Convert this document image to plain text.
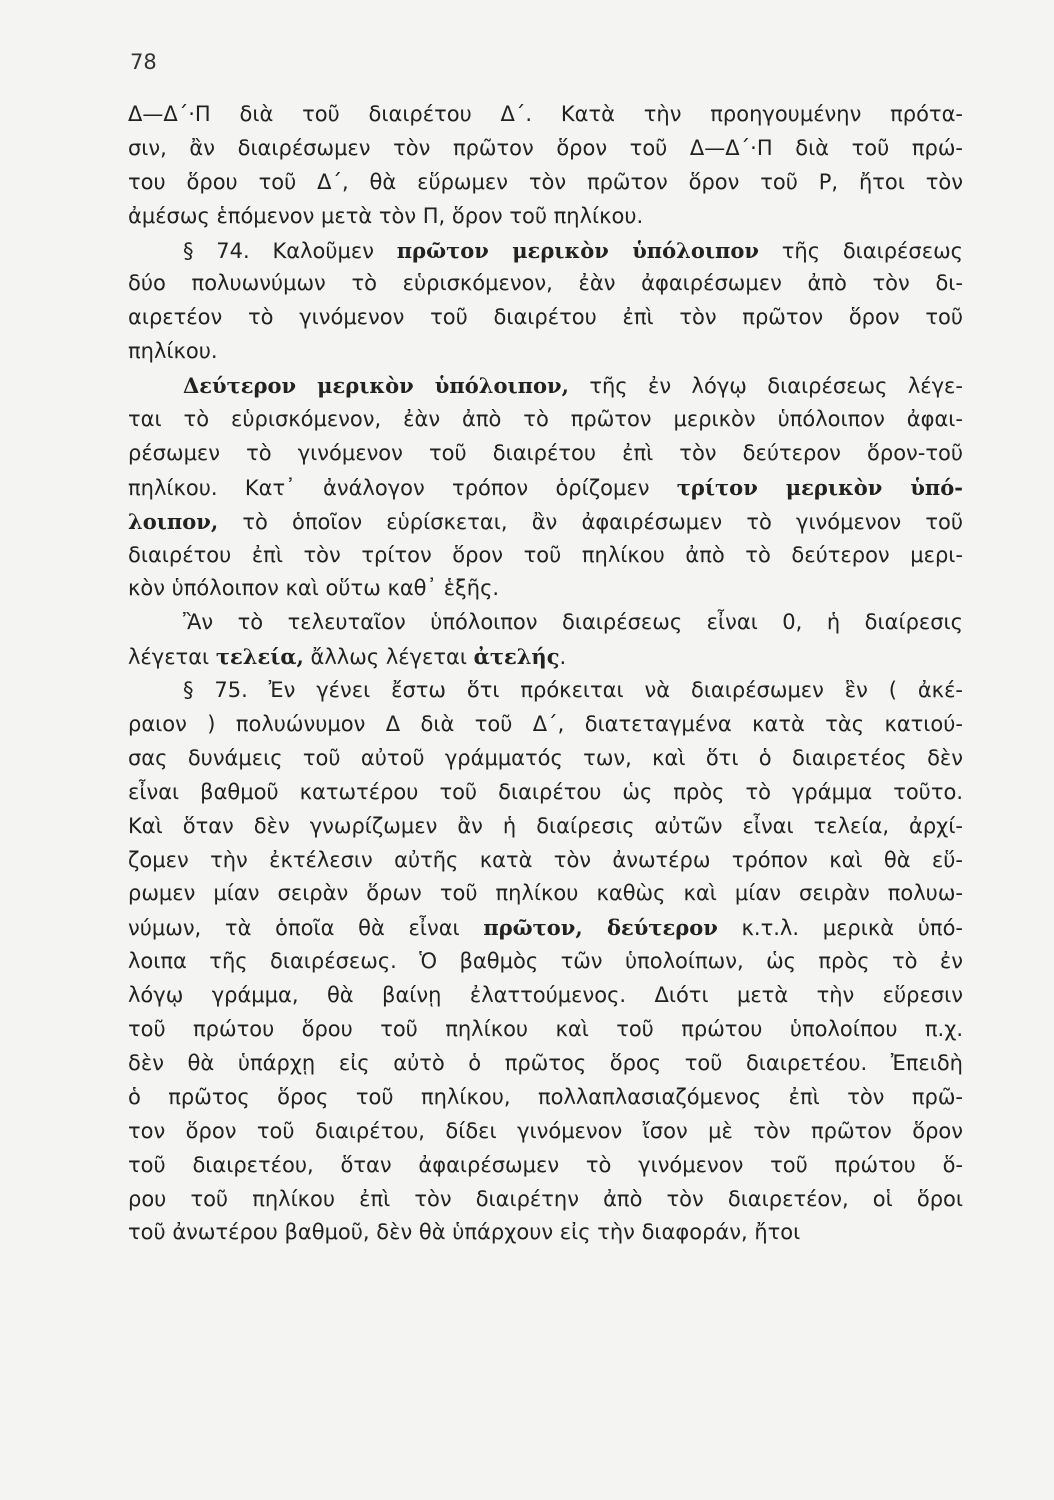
78
Δ—Δ΄·Π διὰ τοῦ διαιρέτου Δ΄. Κατὰ τὴν προηγουμένην πρότα-
σιν, ἂν διαιρέσωμεν τὸν πρῶτον ὅρον τοῦ Δ—Δ΄·Π διὰ τοῦ πρώ-
του ὅρου τοῦ Δ΄, θὰ εὕρωμεν τὸν πρῶτον ὅρον τοῦ Ρ, ἤτοι τὸν
ἀμέσως ἑπόμενον μετὰ τὸν Π, ὅρον τοῦ πηλίκου.
§ 74. Καλοῦμεν πρῶτον μερικὸν ὑπόλοιπον τῆς διαιρέσεως
δύο πολυωνύμων τὸ εὑρισκόμενον, ἐὰν ἀφαιρέσωμεν ἀπὸ τὸν δι-
αιρετέον τὸ γινόμενον τοῦ διαιρέτου ἐπὶ τὸν πρῶτον ὅρον τοῦ
πηλίκου.
Δεύτερον μερικὸν ὑπόλοιπον, τῆς ἐν λόγῳ διαιρέσεως λέγε-
ται τὸ εὑρισκόμενον, ἐὰν ἀπὸ τὸ πρῶτον μερικὸν ὑπόλοιπον ἀφαι-
ρέσωμεν τὸ γινόμενον τοῦ διαιρέτου ἐπὶ τὸν δεύτερον ὅρον-τοῦ
πηλίκου. Κατ᾽ ἀνάλογον τρόπον ὁρίζομεν τρίτον μερικὸν ὑπό-
λοιπον, τὸ ὁποῖον εὑρίσκεται, ἂν ἀφαιρέσωμεν τὸ γινόμενον τοῦ
διαιρέτου ἐπὶ τὸν τρίτον ὅρον τοῦ πηλίκου ἀπὸ τὸ δεύτερον μερι-
κὸν ὑπόλοιπον καὶ οὕτω καθ᾽ ἑξῆς.
Ἂν τὸ τελευταῖον ὑπόλοιπον διαιρέσεως εἶναι 0, ἡ διαίρεσις
λέγεται τελεία, ἄλλως λέγεται ἀτελής.
§ 75. Ἐν γένει ἔστω ὅτι πρόκειται νὰ διαιρέσωμεν ἓν ( ἀκέ-
ραιον ) πολυώνυμον Δ διὰ τοῦ Δ΄, διατεταγμένα κατὰ τὰς κατιού-
σας δυνάμεις τοῦ αὐτοῦ γράμματός των, καὶ ὅτι ὁ διαιρετέος δὲν
εἶναι βαθμοῦ κατωτέρου τοῦ διαιρέτου ὡς πρὸς τὸ γράμμα τοῦτο.
Καὶ ὅταν δὲν γνωρίζωμεν ἂν ἡ διαίρεσις αὐτῶν εἶναι τελεία, ἀρχί-
ζομεν τὴν ἐκτέλεσιν αὐτῆς κατὰ τὸν ἀνωτέρω τρόπον καὶ θὰ εὕ-
ρωμεν μίαν σειρὰν ὅρων τοῦ πηλίκου καθὼς καὶ μίαν σειρὰν πολυω-
νύμων, τὰ ὁποῖα θὰ εἶναι πρῶτον, δεύτερον κ.τ.λ. μερικὰ ὑπό-
λοιπα τῆς διαιρέσεως. Ὁ βαθμὸς τῶν ὑπολοίπων, ὡς πρὸς τὸ ἐν
λόγῳ γράμμα, θὰ βαίνῃ ἐλαττούμενος. Διότι μετὰ τὴν εὕρεσιν
τοῦ πρώτου ὅρου τοῦ πηλίκου καὶ τοῦ πρώτου ὑπολοίπου π.χ.
δὲν θὰ ὑπάρχῃ εἰς αὐτὸ ὁ πρῶτος ὅρος τοῦ διαιρετέου. Ἐπειδὴ
ὁ πρῶτος ὅρος τοῦ πηλίκου, πολλαπλασιαζόμενος ἐπὶ τὸν πρῶ-
τον ὅρον τοῦ διαιρέτου, δίδει γινόμενον ἴσον μὲ τὸν πρῶτον ὅρον
τοῦ διαιρετέου, ὅταν ἀφαιρέσωμεν τὸ γινόμενον τοῦ πρώτου ὅ-
ρου τοῦ πηλίκου ἐπὶ τὸν διαιρέτην ἀπὸ τὸν διαιρετέον, οἱ ὅροι
τοῦ ἀνωτέρου βαθμοῦ, δὲν θὰ ὑπάρχουν εἰς τὴν διαφοράν, ἤτοι
